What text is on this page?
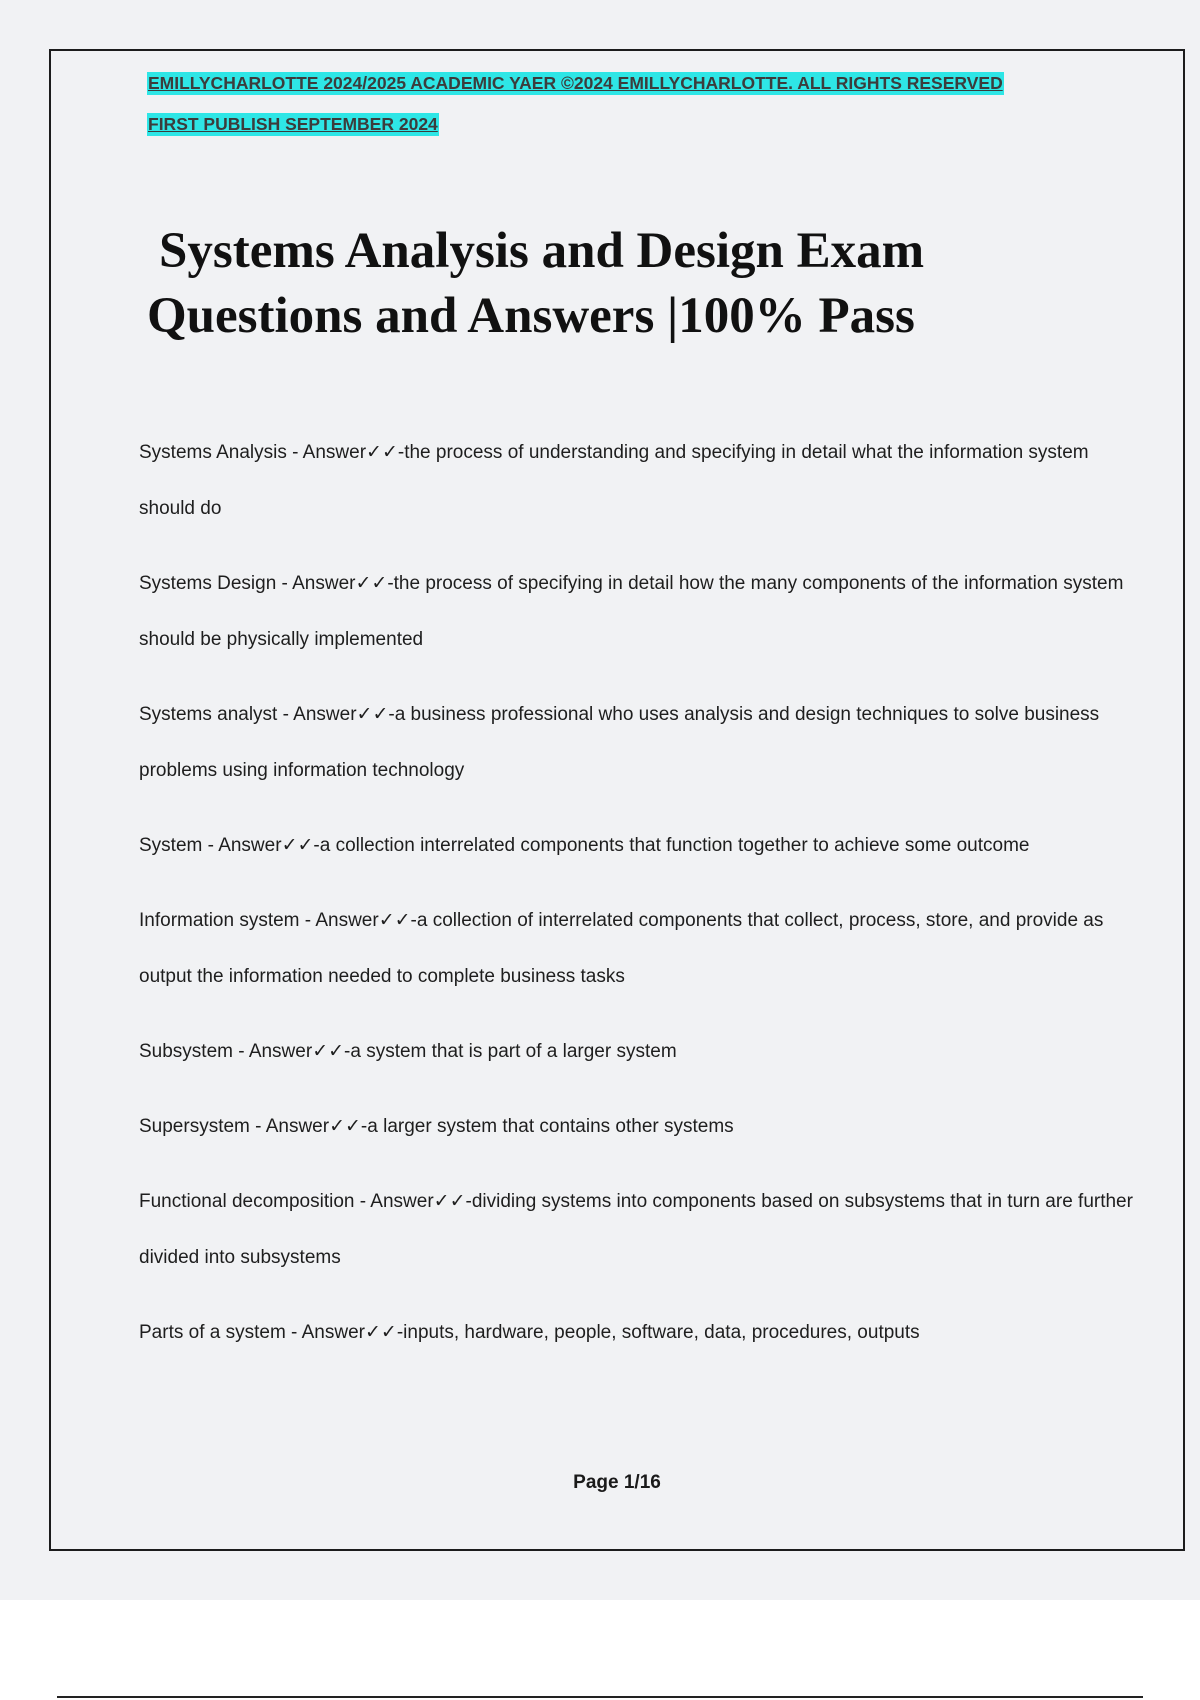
EMILLYCHARLOTTE 2024/2025 ACADEMIC YAER ©2024 EMILLYCHARLOTTE. ALL RIGHTS RESERVED
FIRST PUBLISH SEPTEMBER 2024
Systems Analysis and Design Exam
Questions and Answers |100% Pass
Systems Analysis - Answer✓✓-the process of understanding and specifying in detail what the information system should do
Systems Design - Answer✓✓-the process of specifying in detail how the many components of the information system should be physically implemented
Systems analyst - Answer✓✓-a business professional who uses analysis and design techniques to solve business problems using information technology
System - Answer✓✓-a collection interrelated components that function together to achieve some outcome
Information system - Answer✓✓-a collection of interrelated components that collect, process, store, and provide as output the information needed to complete business tasks
Subsystem - Answer✓✓-a system that is part of a larger system
Supersystem - Answer✓✓-a larger system that contains other systems
Functional decomposition - Answer✓✓-dividing systems into components based on subsystems that in turn are further divided into subsystems
Parts of a system - Answer✓✓-inputs, hardware, people, software, data, procedures, outputs
Page 1/16
